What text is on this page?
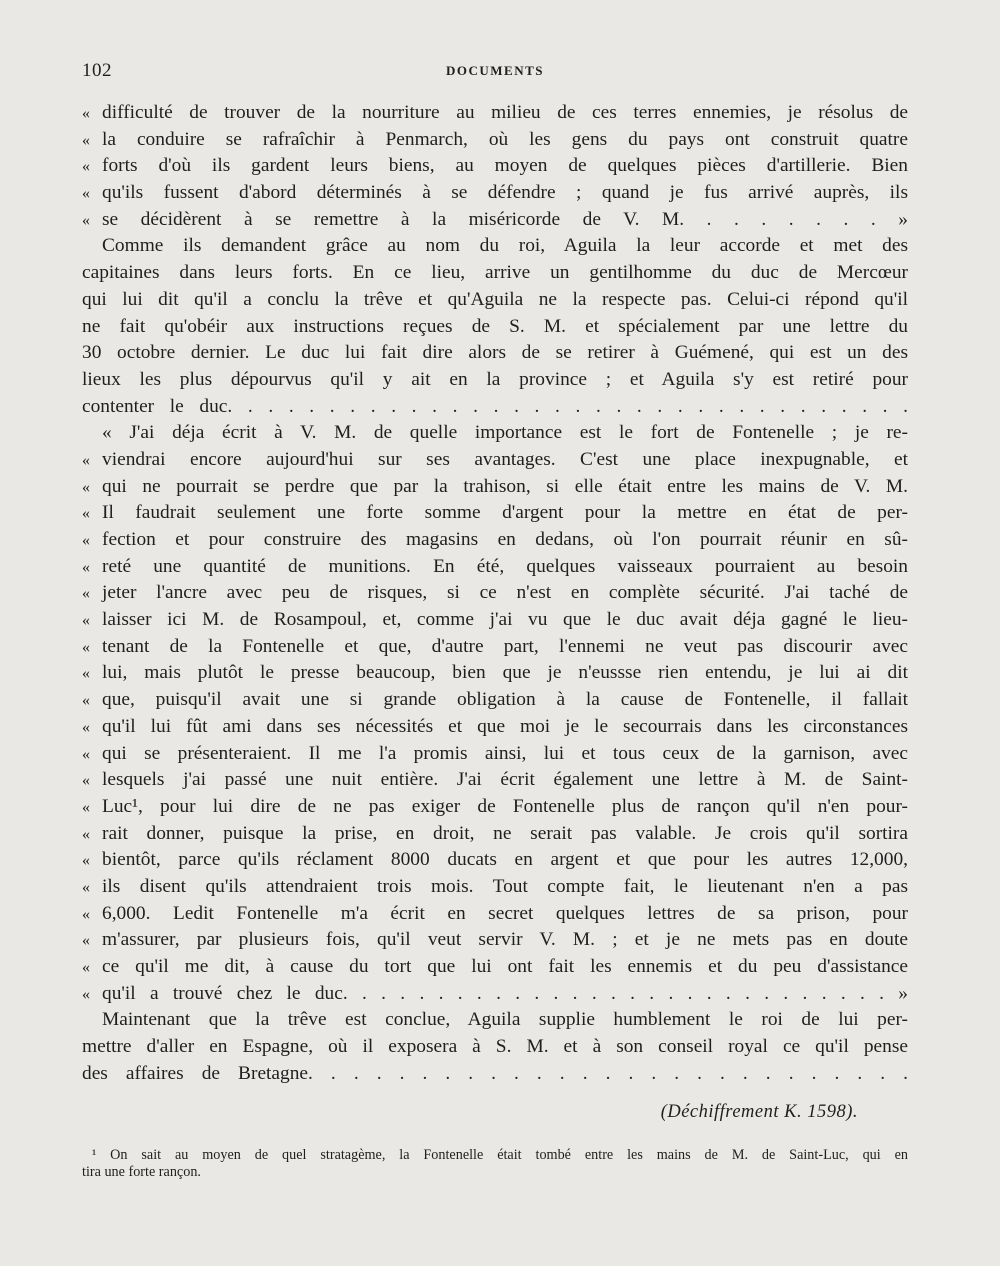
102	DOCUMENTS
« difficulté de trouver de la nourriture au milieu de ces terres ennemies, je résolus de
« la conduire se rafraîchir à Penmarch, où les gens du pays ont construit quatre
« forts d'où ils gardent leurs biens, au moyen de quelques pièces d'artillerie. Bien
« qu'ils fussent d'abord déterminés à se défendre ; quand je fus arrivé auprès, ils
« se décidèrent à se remettre à la miséricorde de V. M. . . . . . . . »
Comme ils demandent grâce au nom du roi, Aguila la leur accorde et met des
capitaines dans leurs forts. En ce lieu, arrive un gentilhomme du duc de Mercœur
qui lui dit qu'il a conclu la trêve et qu'Aguila ne la respecte pas. Celui-ci répond qu'il
ne fait qu'obéir aux instructions reçues de S. M. et spécialement par une lettre du
30 octobre dernier. Le duc lui fait dire alors de se retirer à Guémené, qui est un des
lieux les plus dépourvus qu'il y ait en la province ; et Aguila s'y est retiré pour
contenter le duc. . . . . . . . . . . . . . . . . . . . . . . . . . . . . . . . . .
« J'ai déja écrit à V. M. de quelle importance est le fort de Fontenelle ; je re-
« viendrai encore aujourd'hui sur ses avantages. C'est une place inexpugnable, et
« qui ne pourrait se perdre que par la trahison, si elle était entre les mains de V. M.
« Il faudrait seulement une forte somme d'argent pour la mettre en état de per-
« fection et pour construire des magasins en dedans, où l'on pourrait réunir en sû-
« reté une quantité de munitions. En été, quelques vaisseaux pourraient au besoin
« jeter l'ancre avec peu de risques, si ce n'est en complète sécurité. J'ai taché de
« laisser ici M. de Rosampoul, et, comme j'ai vu que le duc avait déja gagné le lieu-
« tenant de la Fontenelle et que, d'autre part, l'ennemi ne veut pas discourir avec
« lui, mais plutôt le presse beaucoup, bien que je n'eussse rien entendu, je lui ai dit
« que, puisqu'il avait une si grande obligation à la cause de Fontenelle, il fallait
« qu'il lui fût ami dans ses nécessités et que moi je le secourrais dans les circonstances
« qui se présenteraient. Il me l'a promis ainsi, lui et tous ceux de la garnison, avec
« lesquels j'ai passé une nuit entière. J'ai écrit également une lettre à M. de Saint-
« Luc¹, pour lui dire de ne pas exiger de Fontenelle plus de rançon qu'il n'en pour-
« rait donner, puisque la prise, en droit, ne serait pas valable. Je crois qu'il sortira
« bientôt, parce qu'ils réclament 8000 ducats en argent et que pour les autres 12,000,
« ils disent qu'ils attendraient trois mois. Tout compte fait, le lieutenant n'en a pas
« 6,000. Ledit Fontenelle m'a écrit en secret quelques lettres de sa prison, pour
« m'assurer, par plusieurs fois, qu'il veut servir V. M. ; et je ne mets pas en doute
« ce qu'il me dit, à cause du tort que lui ont fait les ennemis et du peu d'assistance
« qu'il a trouvé chez le duc. . . . . . . . . . . . . . . . . . . . . . . . . . . . . »
Maintenant que la trêve est conclue, Aguila supplie humblement le roi de lui per-
mettre d'aller en Espagne, où il exposera à S. M. et à son conseil royal ce qu'il pense
des affaires de Bretagne. . . . . . . . . . . . . . . . . . . . . . . . . . .
(Déchiffrement K. 1598).
¹ On sait au moyen de quel stratagème, la Fontenelle était tombé entre les mains de M. de Saint-Luc, qui en
tira une forte rançon.
